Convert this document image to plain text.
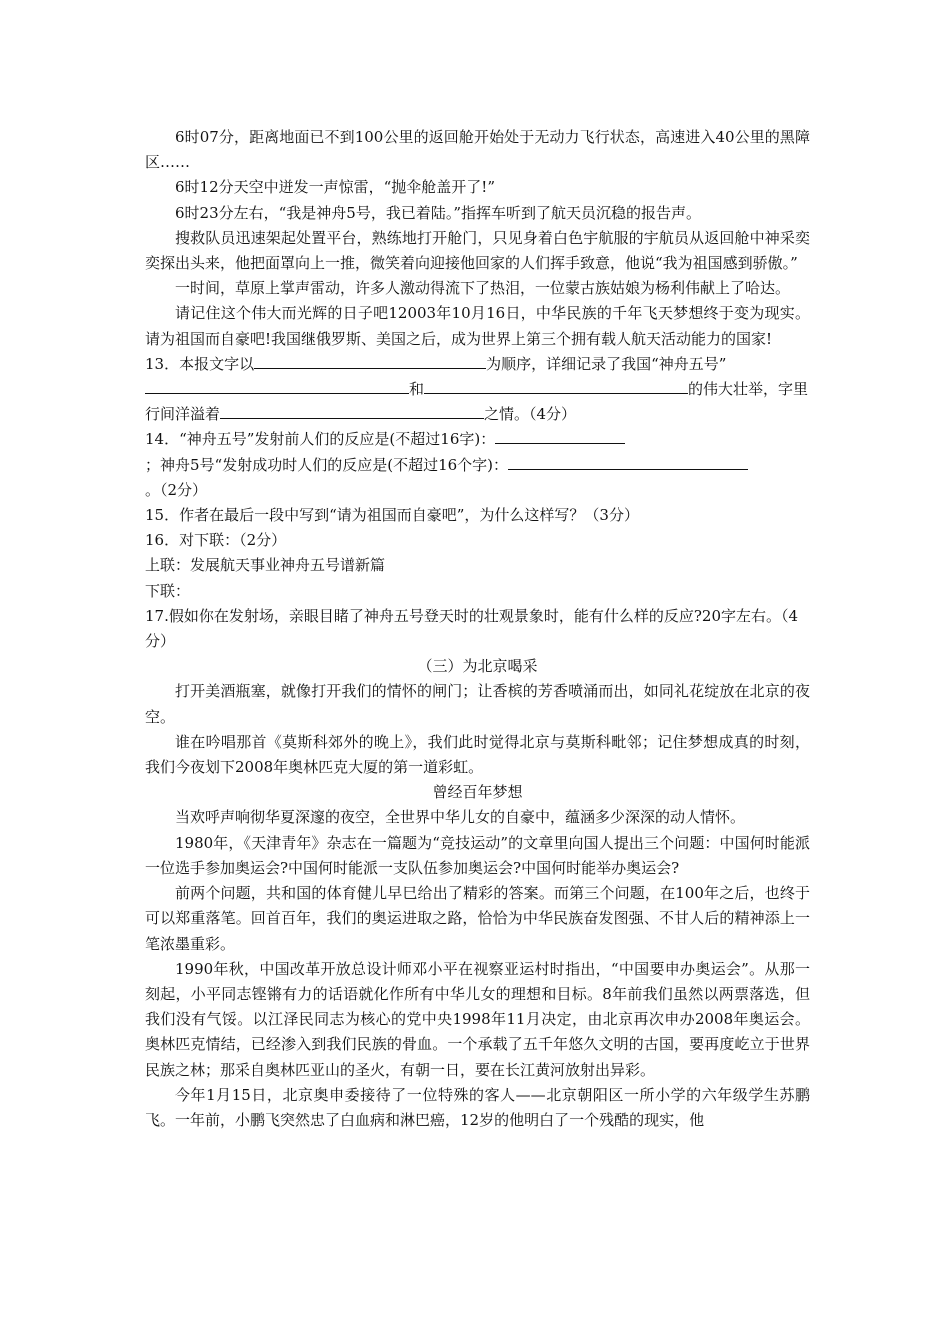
6时07分，距离地面已不到100公里的返回舱开始处于无动力飞行状态，高速进入40公里的黑障区……

6时12分天空中迸发一声惊雷，“抛伞舱盖开了!”

6时23分左右，“我是神舟5号，我已着陆。”指挥车听到了航天员沉稳的报告声。

搜救队员迅速架起处置平台，熟练地打开舱门，只见身着白色宇航服的宇航员从返回舱中神采奕奕探出头来，他把面罩向上一推，微笑着向迎接他回家的人们挥手致意，他说“我为祖国感到骄傲。”

一时间，草原上掌声雷动，许多人激动得流下了热泪，一位蒙古族姑娘为杨利伟献上了哈达。

请记住这个伟大而光辉的日子吧12003年10月16日，中华民族的千年飞天梦想终于变为现实。请为祖国而自豪吧!我国继俄罗斯、美国之后，成为世界上第三个拥有载人航天活动能力的国家!

13．本报文字以	为顺序，详细记录了我国“神舟五号”和	的伟大壮举，字里行间洋溢着	之情。（4分）

14．“神舟五号”发射前人们的反应是(不超过16字)：
；神舟5号“发射成功时人们的反应是(不超过16个字)：
。（2分）

15．作者在最后一段中写到“请为祖国而自豪吧”，为什么这样写？（3分）

16．对下联：（2分）

上联：发展航天事业神舟五号谱新篇

下联：

17.假如你在发射场，亲眼目睹了神舟五号登天时的壮观景象时，能有什么样的反应?20字左右。（4分）

（三）为北京喝采

打开美酒瓶塞，就像打开我们的情怀的闸门；让香槟的芳香喷涌而出，如同礼花绽放在北京的夜空。

谁在吟唱那首《莫斯科郊外的晚上》，我们此时觉得北京与莫斯科毗邻；记住梦想成真的时刻，我们今夜划下2008年奥林匹克大厦的第一道彩虹。

曾经百年梦想

当欢呼声响彻华夏深邃的夜空，全世界中华儿女的自豪中，蕴涵多少深深的动人情怀。

1980年，《天津青年》杂志在一篇题为“竞技运动”的文章里向国人提出三个问题：中国何时能派一位选手参加奥运会?中国何时能派一支队伍参加奥运会?中国何时能举办奥运会?

前两个问题，共和国的体育健儿早巳给出了精彩的答案。而第三个问题，在100年之后，也终于可以郑重落笔。回首百年，我们的奥运进取之路，恰恰为中华民族奋发图强、不甘人后的精神添上一笔浓墨重彩。

1990年秋，中国改革开放总设计师邓小平在视察亚运村时指出，“中国要申办奥运会”。从那一刻起，小平同志铿锵有力的话语就化作所有中华儿女的理想和目标。8年前我们虽然以两票落选，但我们没有气馁。以江泽民同志为核心的党中央1998年11月决定，由北京再次申办2008年奥运会。奥林匹克情结，已经渗入到我们民族的骨血。一个承载了五千年悠久文明的古国，要再度屹立于世界民族之林；那采自奥林匹亚山的圣火，有朝一日，要在长江黄河放射出异彩。

今年1月15日，北京奥申委接待了一位特殊的客人——北京朝阳区一所小学的六年级学生苏鹏飞。一年前，小鹏飞突然忠了白血病和淋巴癌，12岁的他明白了一个残酷的现实，他
